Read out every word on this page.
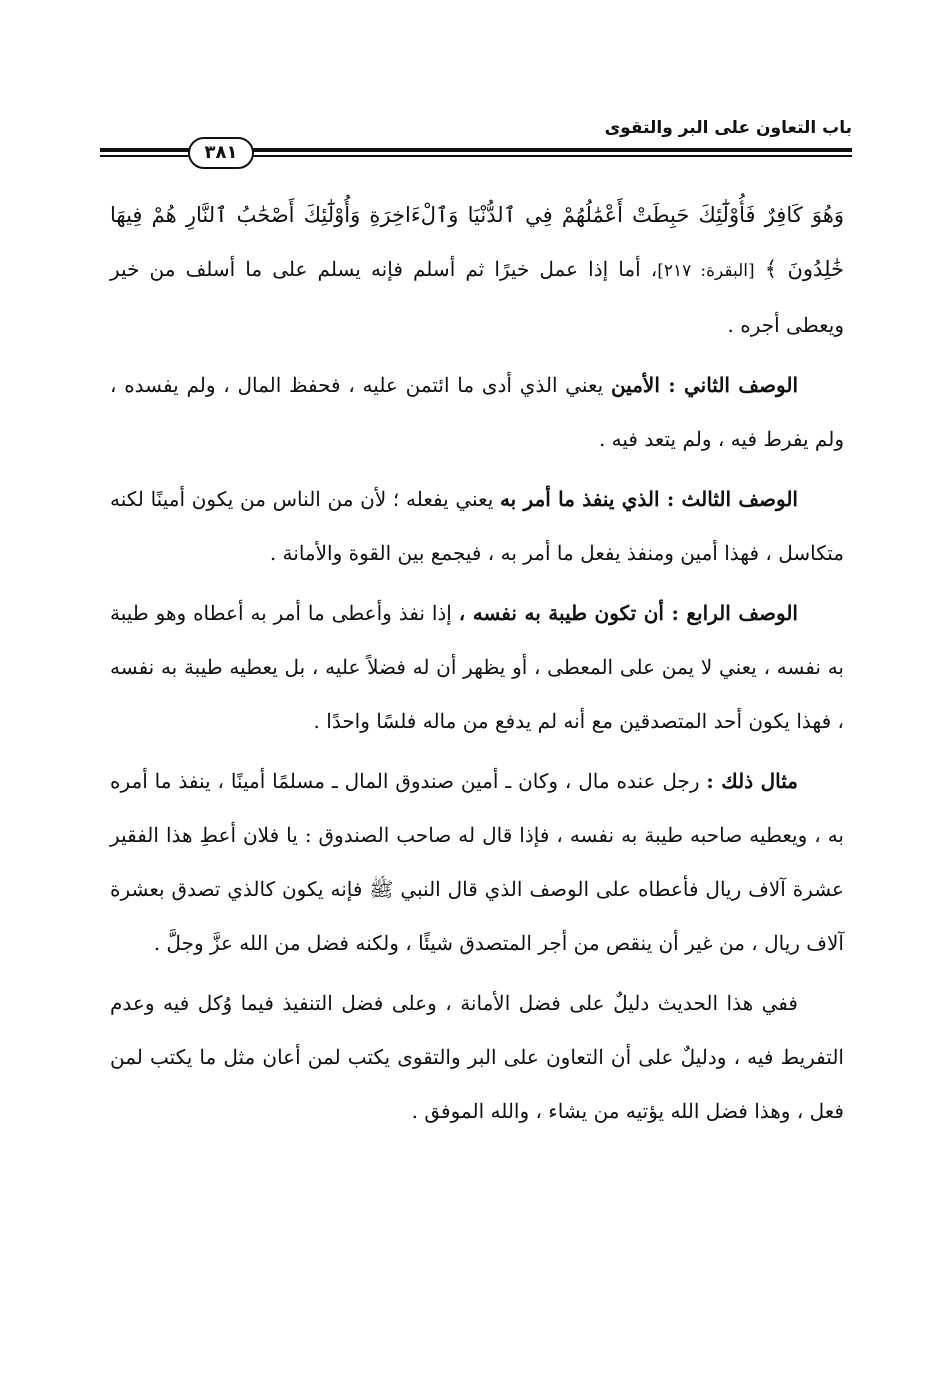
باب التعاون على البر والتقوى
٣٨١

وَهُوَ كَافِرٌ فَأُوْلَٰٓئِكَ حَبِطَتْ أَعْمَٰلُهُمْ فِي ٱلدُّنْيَا وَٱلْءَاخِرَةِ وَأُوْلَٰٓئِكَ أَصْحَٰبُ ٱلنَّارِ هُمْ فِيهَا خَٰلِدُونَ ﴾ [البقرة: ٢١٧]، أما إذا عمل خيرًا ثم أسلم فإنه يسلم على ما أسلف من خير ويعطى أجره .

الوصف الثاني : الأمين يعني الذي أدى ما ائتمن عليه ، فحفظ المال ، ولم يفسده ، ولم يفرط فيه ، ولم يتعد فيه .

الوصف الثالث : الذي ينفذ ما أمر به يعني يفعله ؛ لأن من الناس من يكون أمينًا لكنه متكاسل ، فهذا أمين ومنفذ يفعل ما أمر به ، فيجمع بين القوة والأمانة .

الوصف الرابع : أن تكون طيبة به نفسه ، إذا نفذ وأعطى ما أمر به أعطاه وهو طيبة به نفسه ، يعني لا يمن على المعطى ، أو يظهر أن له فضلاً عليه ، بل يعطيه طيبة به نفسه ، فهذا يكون أحد المتصدقين مع أنه لم يدفع من ماله فلسًا واحدًا .

مثال ذلك : رجل عنده مال ، وكان ـ أمين صندوق المال ـ مسلمًا أمينًا ، ينفذ ما أمره به ، ويعطيه صاحبه طيبة به نفسه ، فإذا قال له صاحب الصندوق : يا فلان أعطِ هذا الفقير عشرة آلاف ريال فأعطاه على الوصف الذي قال النبي ﷺ فإنه يكون كالذي تصدق بعشرة آلاف ريال ، من غير أن ينقص من أجر المتصدق شيئًا ، ولكنه فضل من الله عزَّ وجلَّ .

ففي هذا الحديث دليلٌ على فضل الأمانة ، وعلى فضل التنفيذ فيما وُكل فيه وعدم التفريط فيه ، ودليلٌ على أن التعاون على البر والتقوى يكتب لمن أعان مثل ما يكتب لمن فعل ، وهذا فضل الله يؤتيه من يشاء ، والله الموفق .
